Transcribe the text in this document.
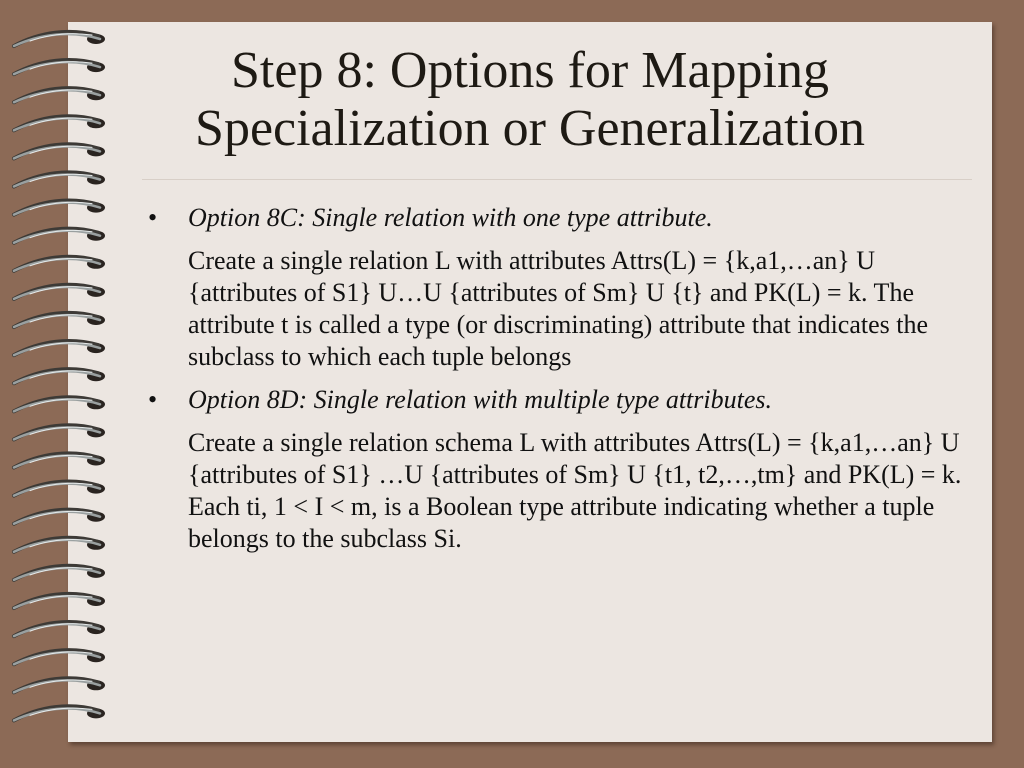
Step 8: Options for Mapping
Specialization or Generalization
• Option 8C: Single relation with one type attribute.
Create a single relation L with attributes Attrs(L) = {k,a1,…an} U {attributes of S1} U…U {attributes of Sm} U {t} and PK(L) = k. The attribute t is called a type (or discriminating) attribute that indicates the subclass to which each tuple belongs
• Option 8D: Single relation with multiple type attributes.
Create a single relation schema L with attributes Attrs(L) = {k,a1,…an} U {attributes of S1} …U {attributes of Sm} U {t1, t2,…,tm} and PK(L) = k. Each ti, 1 < I < m, is a Boolean type attribute indicating whether a tuple belongs to the subclass Si.
